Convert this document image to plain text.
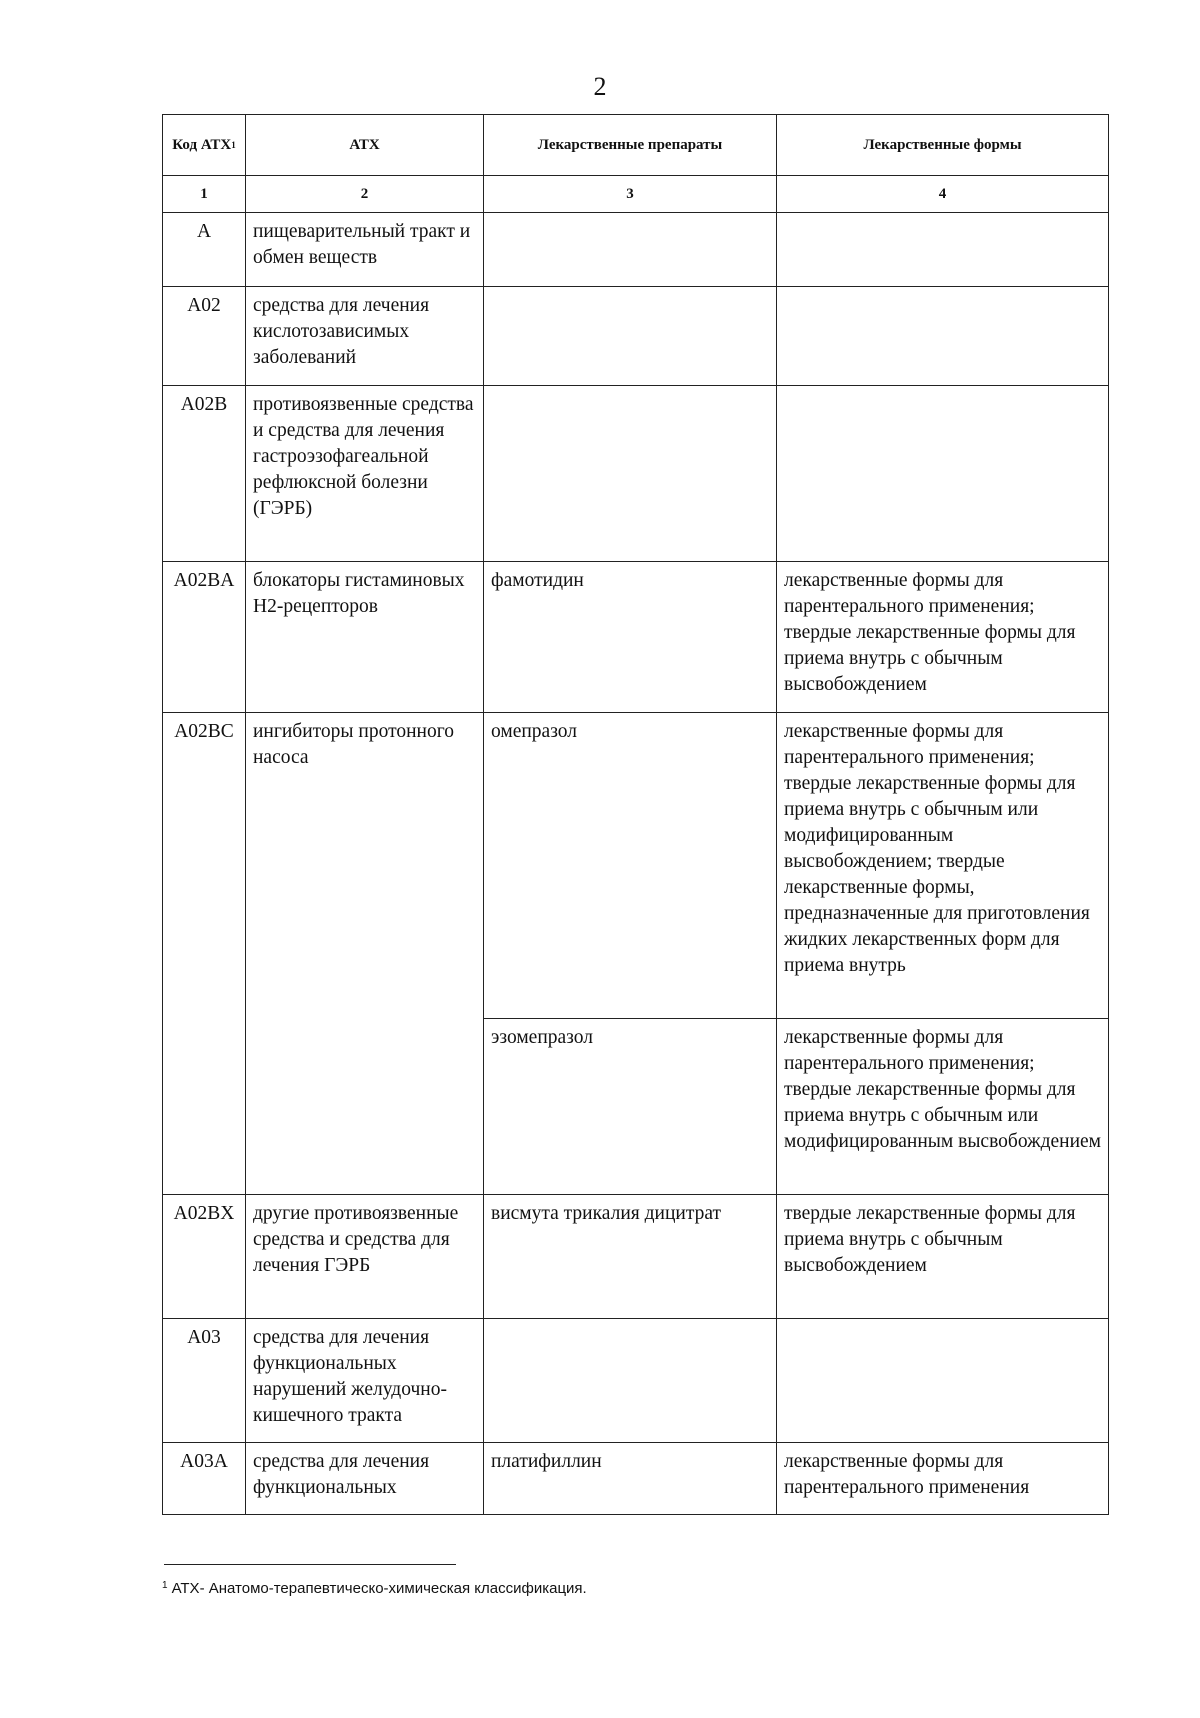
2
Код АТХ$^1$	АТХ	Лекарственные препараты	Лекарственные формы
1	2	3	4
А	пищеварительный тракт и обмен веществ		
A02	средства для лечения кислотозависимых заболеваний		
A02B	противоязвенные средства и средства для лечения гастроэзофагеальной рефлюксной болезни (ГЭРБ)		
A02BA	блокаторы гистаминовых Н2-рецепторов	фамотидин	лекарственные формы для парентерального применения; твердые лекарственные формы для приема внутрь с обычным высвобождением
A02BC	ингибиторы протонного насоса	омепразол	лекарственные формы для парентерального применения; твердые лекарственные формы для приема внутрь с обычным или модифицированным высвобождением; твердые лекарственные формы, предназначенные для приготовления жидких лекарственных форм для приема внутрь
		эзомепразол	лекарственные формы для парентерального применения; твердые лекарственные формы для приема внутрь с обычным или модифицированным высвобождением
A02BX	другие противоязвенные средства и средства для лечения ГЭРБ	висмута трикалия дицитрат	твердые лекарственные формы для приема внутрь с обычным высвобождением
A03	средства для лечения функциональных нарушений желудочно-кишечного тракта		
A03A	средства для лечения функциональных	платифиллин	лекарственные формы для парентерального применения
$^1$ АТХ- Анатомо-терапевтическо-химическая классификация.
